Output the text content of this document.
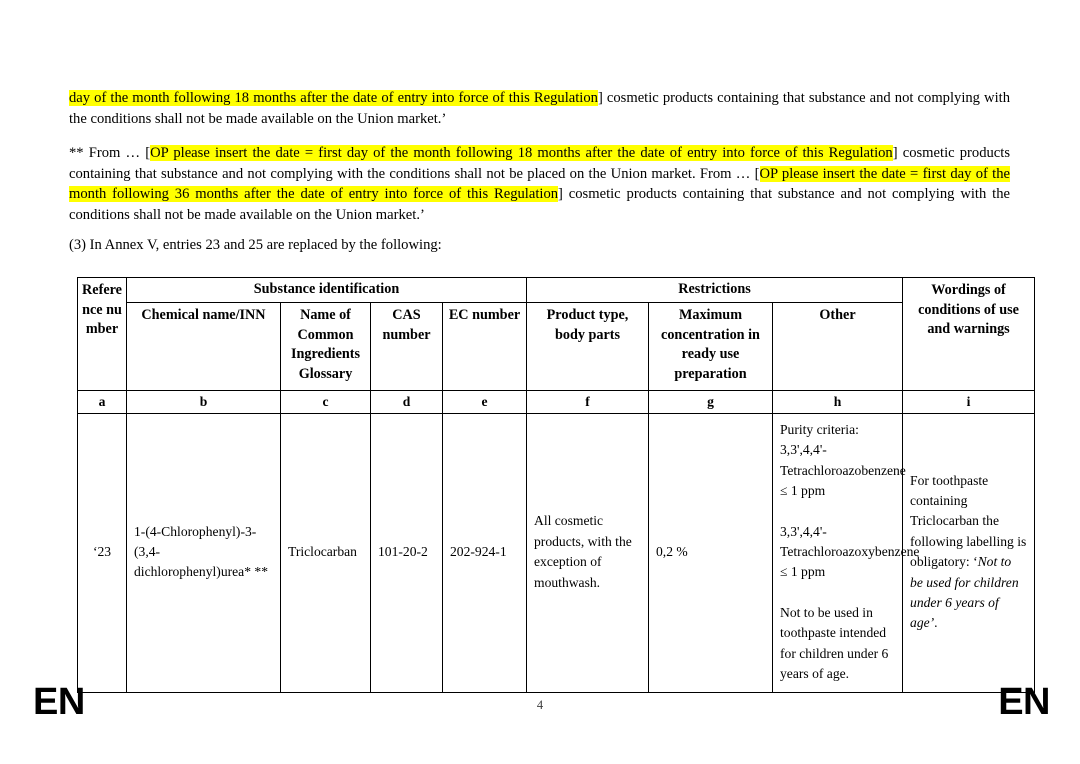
day of the month following 18 months after the date of entry into force of this Regulation] cosmetic products containing that substance and not complying with the conditions shall not be made available on the Union market.’

** From … [OP please insert the date = first day of the month following 18 months after the date of entry into force of this Regulation] cosmetic products containing that substance and not complying with the conditions shall not be placed on the Union market. From … [OP please insert the date = first day of the month following 36 months after the date of entry into force of this Regulation] cosmetic products containing that substance and not complying with the conditions shall not be made available on the Union market.’

(3) In Annex V, entries 23 and 25 are replaced by the following:
Reference number	Substance identification				Restrictions			Wordings of conditions of use and warnings
	Chemical name/INN	Name of Common Ingredients Glossary	CAS number	EC number	Product type, body parts	Maximum concentration in ready use preparation	Other	
a	b	c	d	e	f	g	h	i
‘23	1-(4-Chlorophenyl)-3-(3,4-dichlorophenyl)urea* **	Triclocarban	101-20-2	202-924-1	All cosmetic products, with the exception of mouthwash.	0,2 %	Purity criteria:
3,3',4,4'-Tetrachloroazobenzene ≤ 1 ppm
3,3',4,4'-Tetrachloroazoxybenzene ≤ 1 ppm
Not to be used in toothpaste intended for children under 6 years of age.	For toothpaste containing Triclocarban the following labelling is obligatory: ‘Not to be used for children under 6 years of age’.
EN	4	EN
